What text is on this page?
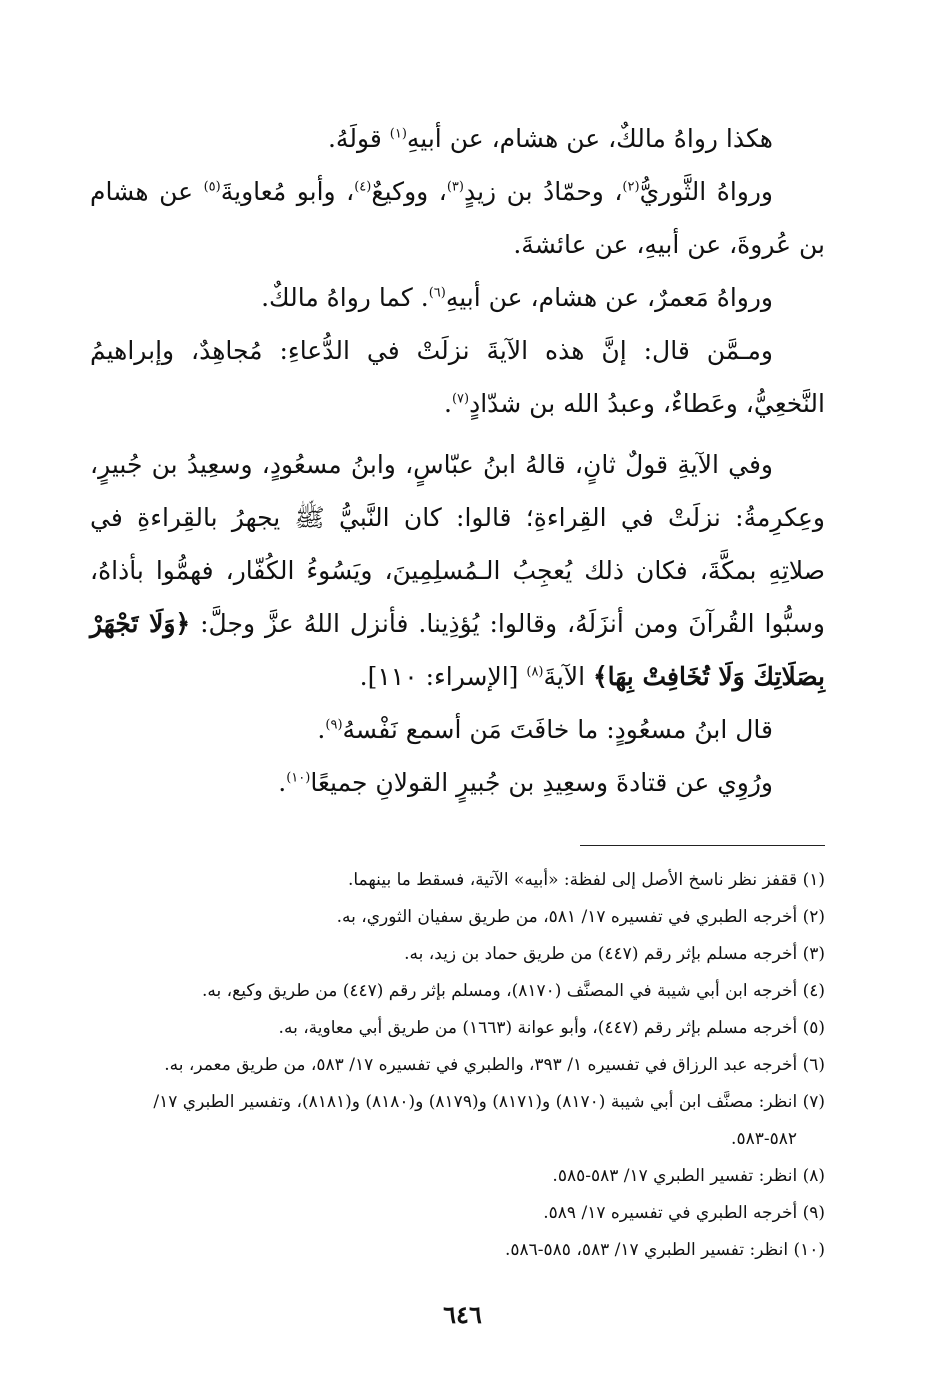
هكذا رواهُ مالكٌ، عن هشام، عن أبيهِ$^{(١)}$ قولَهُ.

ورواهُ الثَّوريُّ$^{(٢)}$، وحمّادُ بن زيدٍ$^{(٣)}$، ووكيعٌ$^{(٤)}$، وأبو مُعاويةَ$^{(٥)}$ عن هشام بن عُروةَ، عن أبيهِ، عن عائشةَ.

ورواهُ مَعمرٌ، عن هشام، عن أبيهِ$^{(٦)}$. كما رواهُ مالكٌ.

ومـمَّن قال: إنَّ هذه الآيةَ نزلَتْ في الدُّعاءِ: مُجاهِدٌ، وإبراهيمُ النَّخعِيُّ، وعَطاءٌ، وعبدُ الله بن شدّادٍ$^{(٧)}$.

وفي الآيةِ قولٌ ثانٍ، قالهُ ابنُ عبّاسٍ، وابنُ مسعُودٍ، وسعِيدُ بن جُبيرٍ، وعِكرِمةُ: نزلَتْ في القِراءةِ؛ قالوا: كان النَّبيُّ ﷺ يجهرُ بالقِراءةِ في صلاتِهِ بمكَّةَ، فكان ذلك يُعجِبُ الـمُسلِمِينَ، ويَسُوءُ الكُفّار، فهمُّوا بأذاهُ، وسبُّوا القُرآنَ ومن أنزَلَهُ، وقالوا: يُؤذِينا. فأنزل اللهُ عزَّ وجلَّ: ﴿وَلَا تَجْهَرْ بِصَلَاتِكَ وَلَا تُخَافِتْ بِهَا﴾ الآيةَ$^{(٨)}$ [الإسراء: ١١٠].

قال ابنُ مسعُودٍ: ما خافَتَ مَن أسمع نَفْسهُ$^{(٩)}$.

ورُوِي عن قتادةَ وسعِيدِ بن جُبيرٍ القولانِ جميعًا$^{(١٠)}$.

(١) ققفز نظر ناسخ الأصل إلى لفظة: «أبيه» الآتية، فسقط ما بينهما.
(٢) أخرجه الطبري في تفسيره ١٧/ ٥٨١، من طريق سفيان الثوري، به.
(٣) أخرجه مسلم بإثر رقم (٤٤٧) من طريق حماد بن زيد، به.
(٤) أخرجه ابن أبي شيبة في المصنَّف (٨١٧٠)، ومسلم بإثر رقم (٤٤٧) من طريق وكيع، به.
(٥) أخرجه مسلم بإثر رقم (٤٤٧)، وأبو عوانة (١٦٦٣) من طريق أبي معاوية، به.
(٦) أخرجه عبد الرزاق في تفسيره ١/ ٣٩٣، والطبري في تفسيره ١٧/ ٥٨٣، من طريق معمر، به.
(٧) انظر: مصنَّف ابن أبي شيبة (٨١٧٠) و(٨١٧١) و(٨١٧٩) و(٨١٨٠) و(٨١٨١)، وتفسير الطبري ١٧/ ٥٨٢-٥٨٣.
(٨) انظر: تفسير الطبري ١٧/ ٥٨٣-٥٨٥.
(٩) أخرجه الطبري في تفسيره ١٧/ ٥٨٩.
(١٠) انظر: تفسير الطبري ١٧/ ٥٨٣، ٥٨٥-٥٨٦.
٦٤٦
